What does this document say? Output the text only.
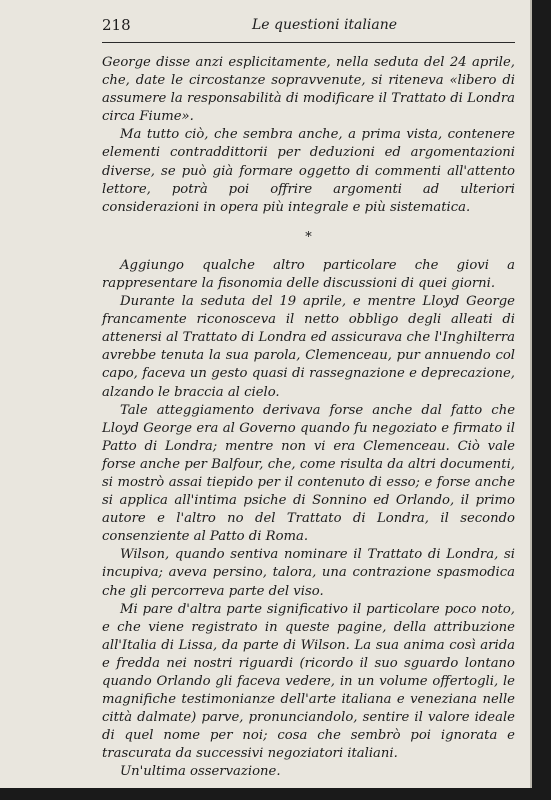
218	Le questioni italiane

George disse anzi esplicitamente, nella seduta del 24 aprile, che, date le circostanze sopravvenute, si riteneva «libero di assumere la responsabilità di modificare il Trattato di Londra circa Fiume».

Ma tutto ciò, che sembra anche, a prima vista, contenere elementi contraddittorii per deduzioni ed argomentazioni diverse, se può già formare oggetto di commenti all'attento lettore, potrà poi offrire argomenti ad ulteriori considerazioni in opera più integrale e più sistematica.

*

Aggiungo qualche altro particolare che giovi a rappresentare la fisonomia delle discussioni di quei giorni.

Durante la seduta del 19 aprile, e mentre Lloyd George francamente riconosceva il netto obbligo degli alleati di attenersi al Trattato di Londra ed assicurava che l'Inghilterra avrebbe tenuta la sua parola, Clemenceau, pur annuendo col capo, faceva un gesto quasi di rassegnazione e deprecazione, alzando le braccia al cielo.

Tale atteggiamento derivava forse anche dal fatto che Lloyd George era al Governo quando fu negoziato e firmato il Patto di Londra; mentre non vi era Clemenceau. Ciò vale forse anche per Balfour, che, come risulta da altri documenti, si mostrò assai tiepido per il contenuto di esso; e forse anche si applica all'intima psiche di Sonnino ed Orlando, il primo autore e l'altro no del Trattato di Londra, il secondo consenziente al Patto di Roma.

Wilson, quando sentiva nominare il Trattato di Londra, si incupiva; aveva persino, talora, una contrazione spasmodica che gli percorreva parte del viso.

Mi pare d'altra parte significativo il particolare poco noto, e che viene registrato in queste pagine, della attribuzione all'Italia di Lissa, da parte di Wilson. La sua anima così arida e fredda nei nostri riguardi (ricordo il suo sguardo lontano quando Orlando gli faceva vedere, in un volume offertogli, le magnifiche testimonianze dell'arte italiana e veneziana nelle città dalmate) parve, pronunciandolo, sentire il valore ideale di quel nome per noi; cosa che sembrò poi ignorata e trascurata da successivi negoziatori italiani.

Un'ultima osservazione.
